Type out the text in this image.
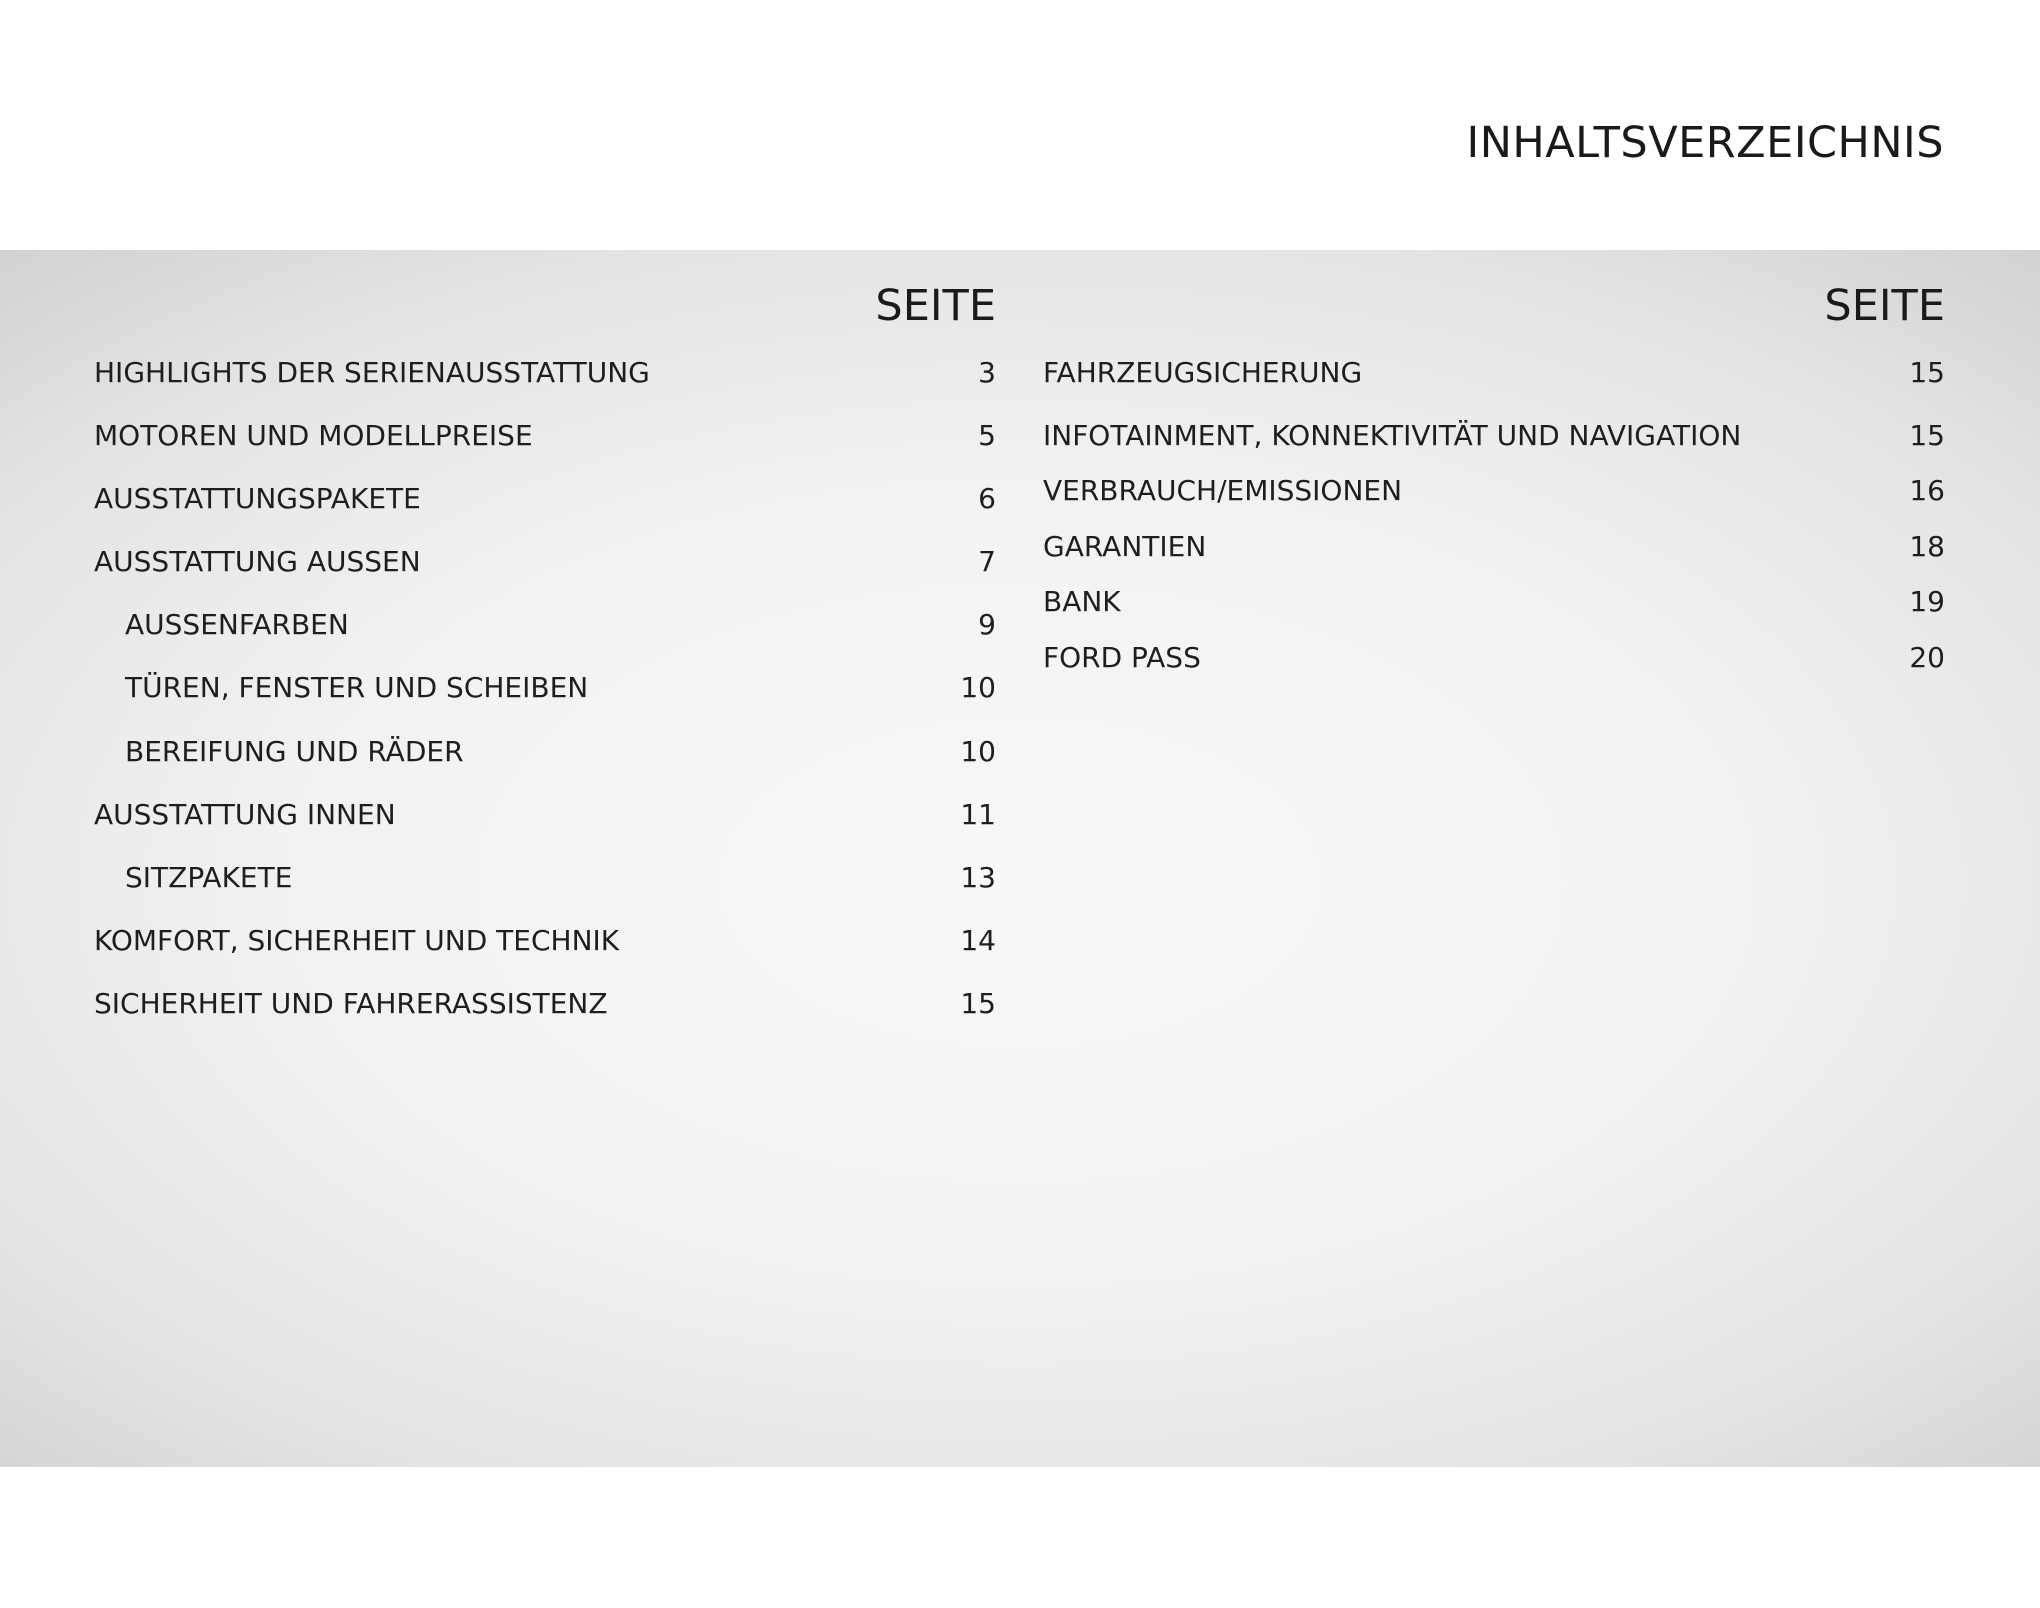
INHALTSVERZEICHNIS
SEITE
HIGHLIGHTS DER SERIENAUSSTATTUNG	3
MOTOREN UND MODELLPREISE	5
AUSSTATTUNGSPAKETE	6
AUSSTATTUNG AUSSEN	7
AUSSENFARBEN	9
TÜREN, FENSTER UND SCHEIBEN	10
BEREIFUNG UND RÄDER	10
AUSSTATTUNG INNEN	11
SITZPAKETE	13
KOMFORT, SICHERHEIT UND TECHNIK	14
SICHERHEIT UND FAHRERASSISTENZ	15
SEITE
FAHRZEUGSICHERUNG	15
INFOTAINMENT, KONNEKTIVITÄT UND NAVIGATION	15
VERBRAUCH/EMISSIONEN	16
GARANTIEN	18
BANK	19
FORD PASS	20
